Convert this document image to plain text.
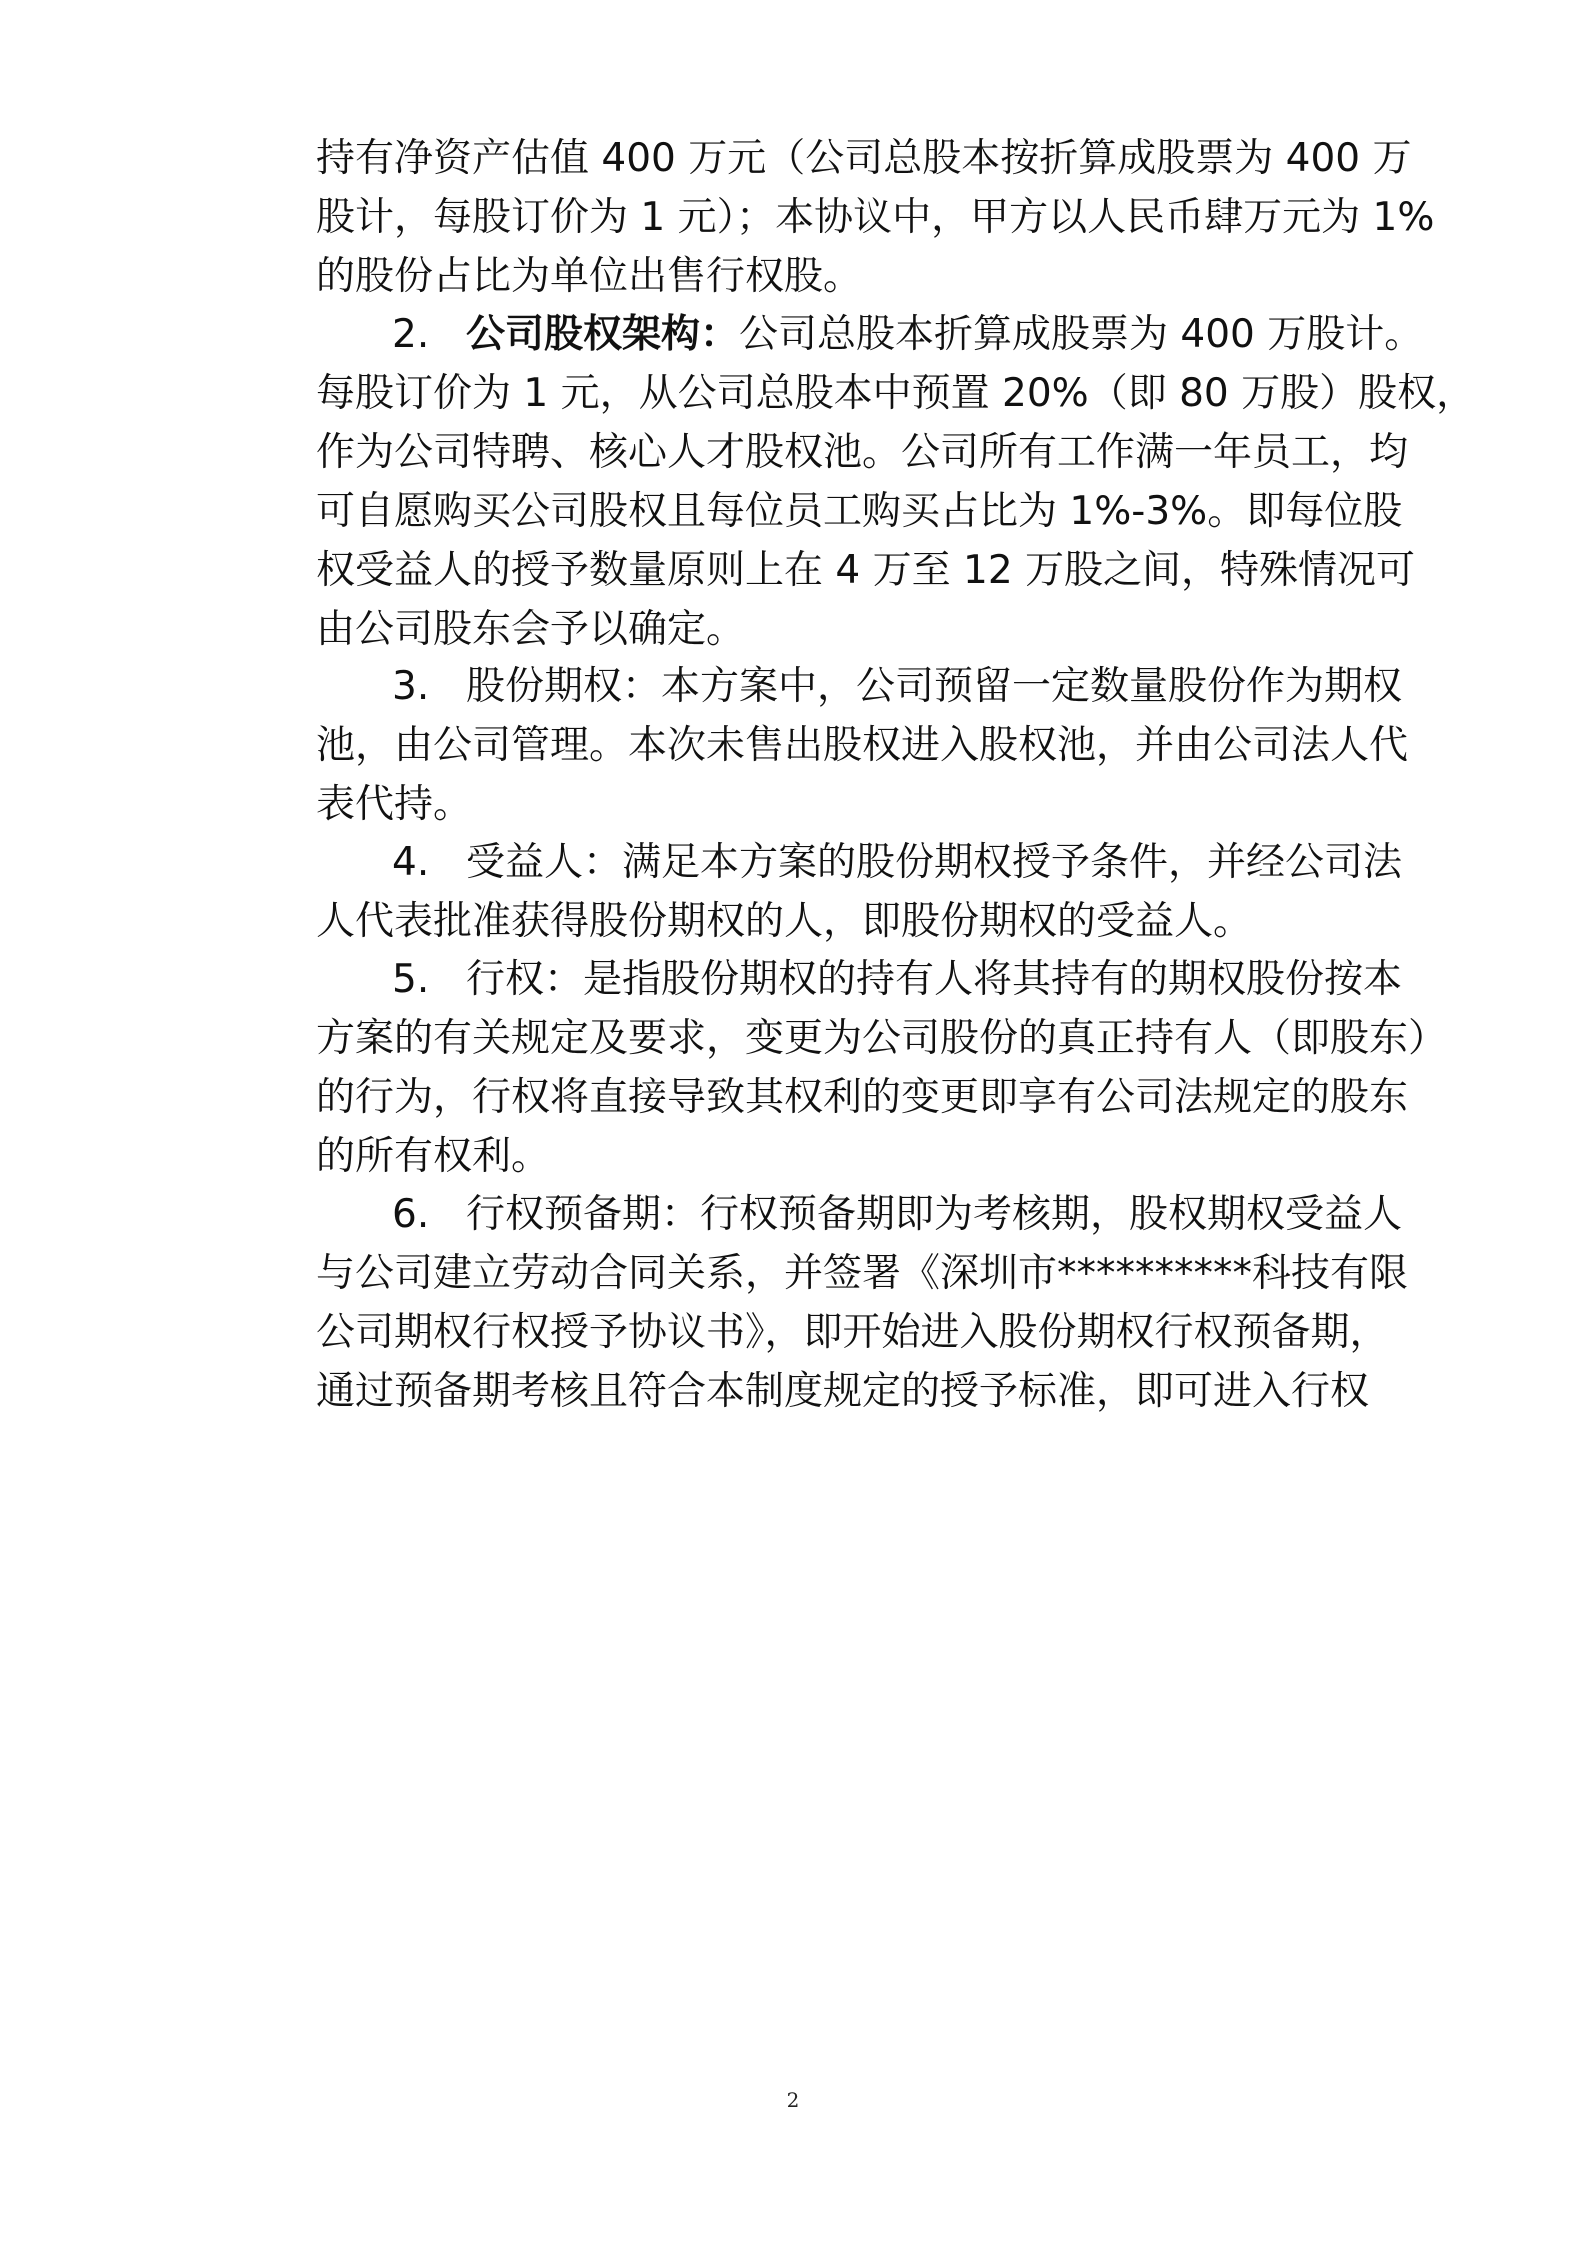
持有净资产估值 400 万元（公司总股本按折算成股票为 400 万
股计，每股订价为 1 元）；本协议中，甲方以人民币肆万元为 1%
的股份占比为单位出售行权股。
2. 公司股权架构：公司总股本折算成股票为 400 万股计。
每股订价为 1 元，从公司总股本中预置 20%（即 80 万股）股权，
作为公司特聘、核心人才股权池。公司所有工作满一年员工，均
可自愿购买公司股权且每位员工购买占比为 1%-3%。即每位股
权受益人的授予数量原则上在 4 万至 12 万股之间，特殊情况可
由公司股东会予以确定。
3. 股份期权：本方案中，公司预留一定数量股份作为期权
池，由公司管理。本次未售出股权进入股权池，并由公司法人代
表代持。
4. 受益人：满足本方案的股份期权授予条件，并经公司法
人代表批准获得股份期权的人，即股份期权的受益人。
5. 行权：是指股份期权的持有人将其持有的期权股份按本
方案的有关规定及要求，变更为公司股份的真正持有人（即股东）
的行为，行权将直接导致其权利的变更即享有公司法规定的股东
的所有权利。
6. 行权预备期：行权预备期即为考核期，股权期权受益人
与公司建立劳动合同关系，并签署《深圳市**********科技有限
公司期权行权授予协议书》，即开始进入股份期权行权预备期，
通过预备期考核且符合本制度规定的授予标准，即可进入行权
2
